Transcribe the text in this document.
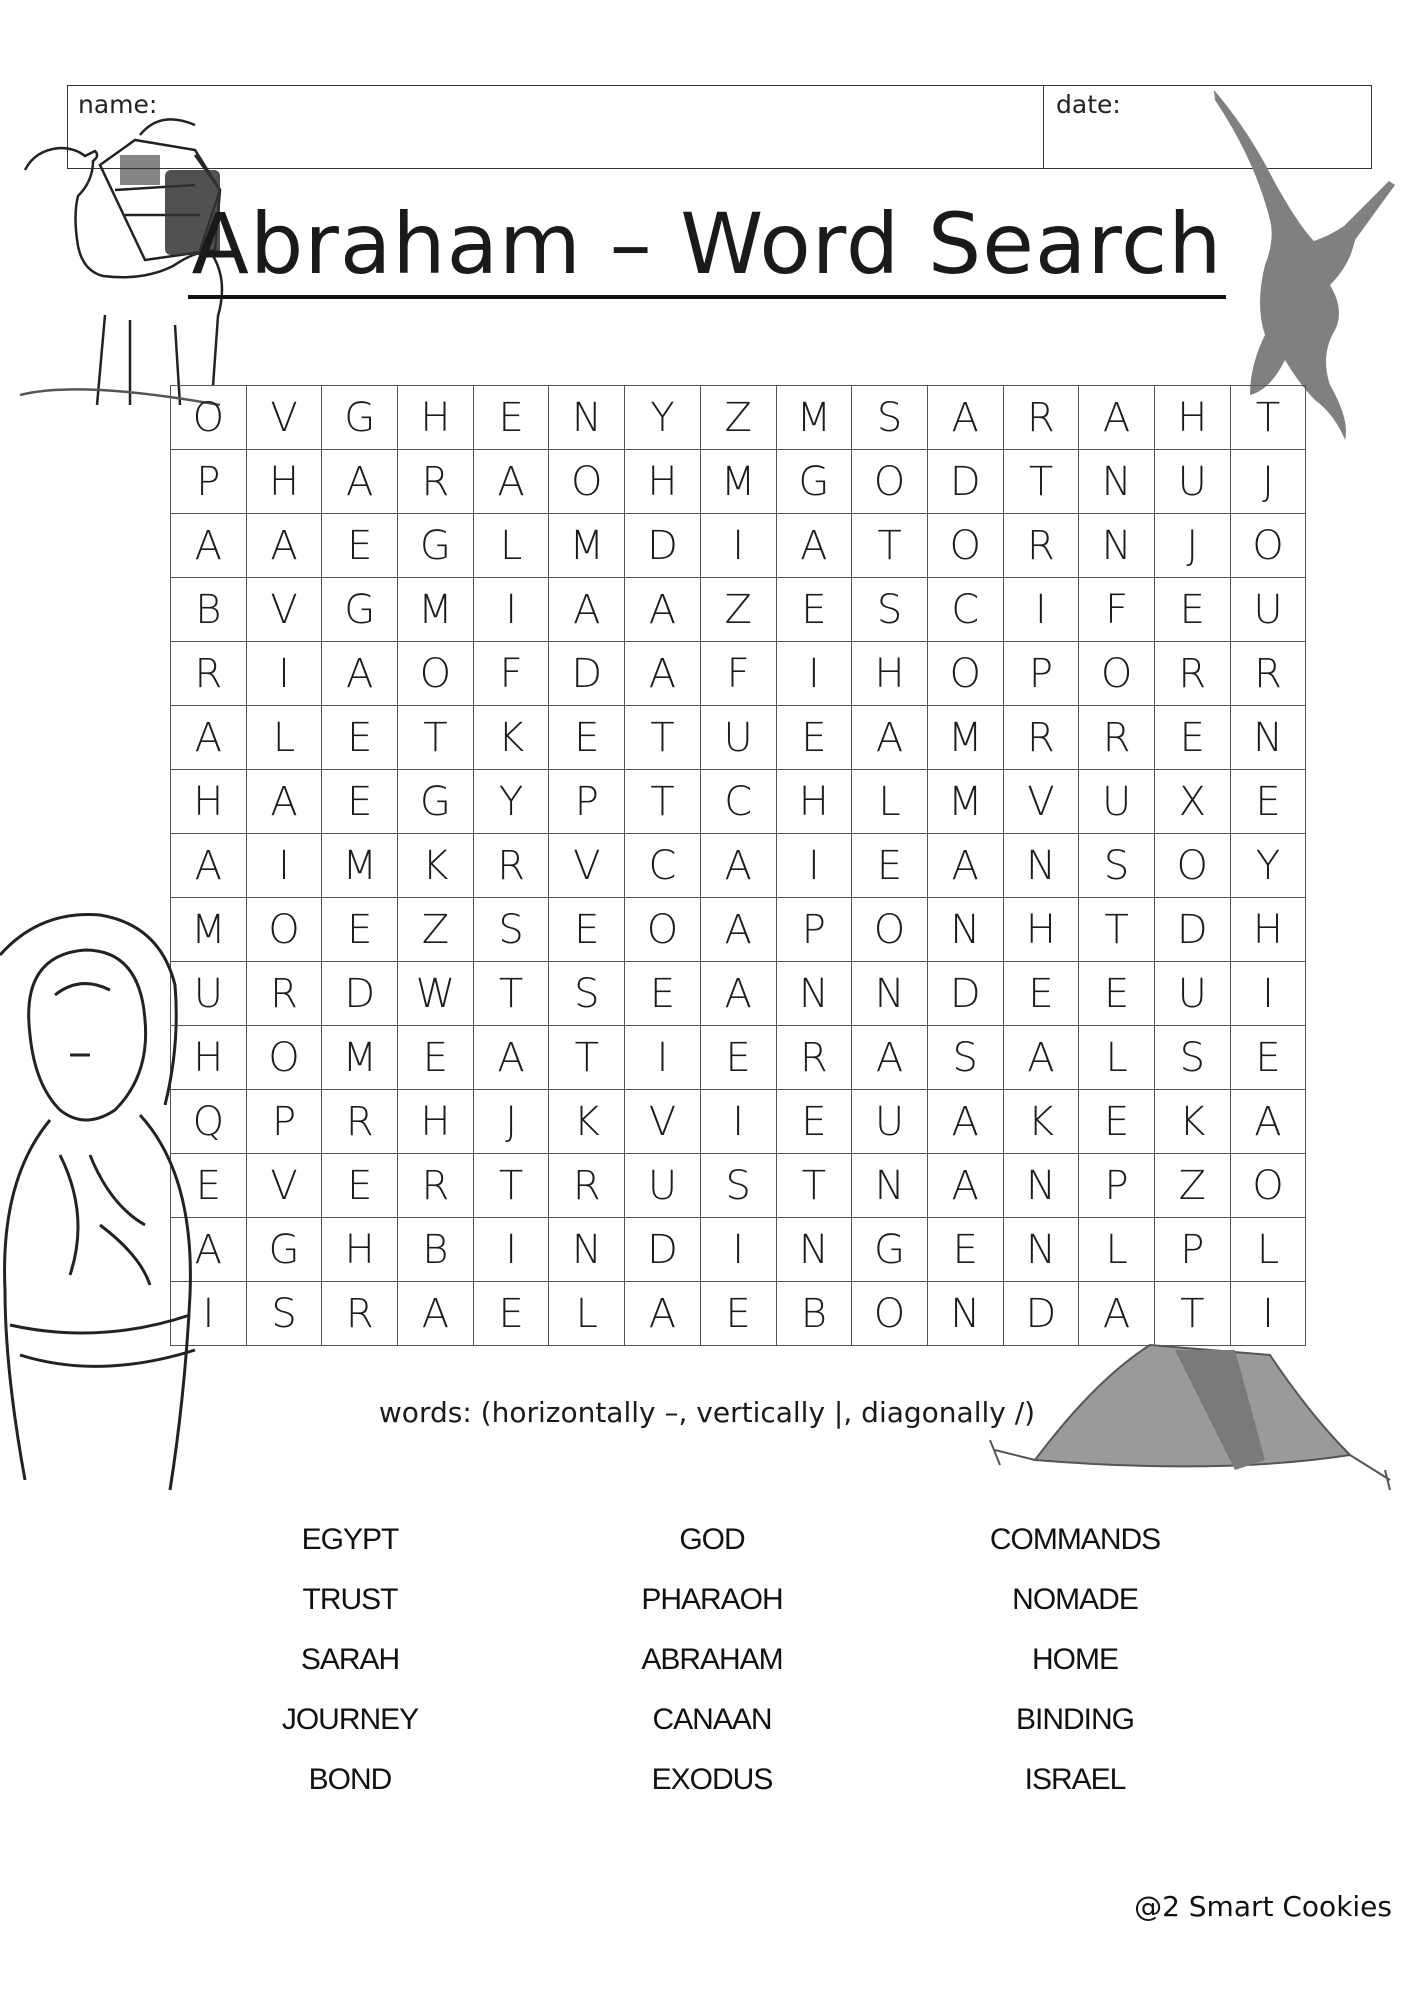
name:	date:
Abraham – Word Search
O	V	G	H	E	N	Y	Z	M	S	A	R	A	H	T
P	H	A	R	A	O	H	M	G	O	D	T	N	U	J
A	A	E	G	L	M	D	I	A	T	O	R	N	J	O
B	V	G	M	I	A	A	Z	E	S	C	I	F	E	U
R	I	A	O	F	D	A	F	I	H	O	P	O	R	R
A	L	E	T	K	E	T	U	E	A	M	R	R	E	N
H	A	E	G	Y	P	T	C	H	L	M	V	U	X	E
A	I	M	K	R	V	C	A	I	E	A	N	S	O	Y
M	O	E	Z	S	E	O	A	P	O	N	H	T	D	H
U	R	D	W	T	S	E	A	N	N	D	E	E	U	I
H	O	M	E	A	T	I	E	R	A	S	A	L	S	E
Q	P	R	H	J	K	V	I	E	U	A	K	E	K	A
E	V	E	R	T	R	U	S	T	N	A	N	P	Z	O
A	G	H	B	I	N	D	I	N	G	E	N	L	P	L
I	S	R	A	E	L	A	E	B	O	N	D	A	T	I
words: (horizontally –, vertically |, diagonally /)
EGYPT
TRUST
SARAH
JOURNEY
BOND
GOD
PHARAOH
ABRAHAM
CANAAN
EXODUS
COMMANDS
NOMADE
HOME
BINDING
ISRAEL
@2 Smart Cookies
